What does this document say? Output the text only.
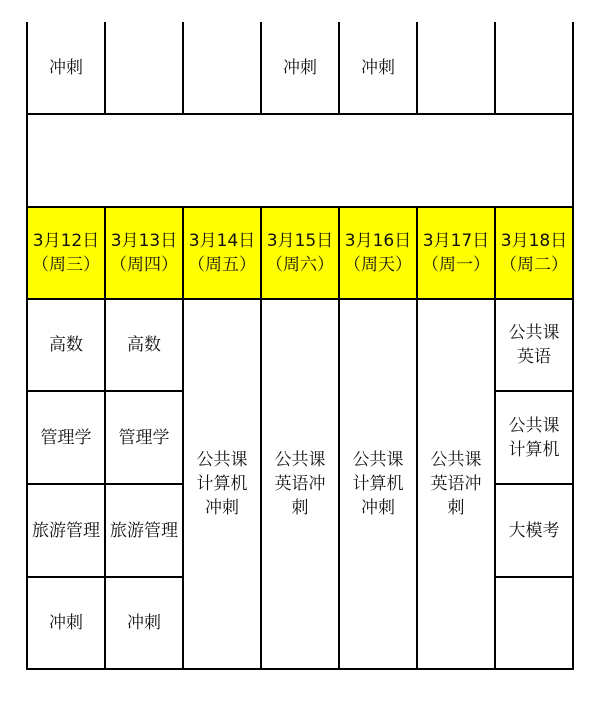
冲刺	冲刺	冲刺
3月12日（周三）
3月13日（周四）
3月14日（周五）
3月15日（周六）
3月16日（周天）
3月17日（周一）
3月18日（周二）
高数
管理学
旅游管理
冲刺
高数
管理学
旅游管理
冲刺
公共课计算机冲刺
公共课英语冲刺
公共课计算机冲刺
公共课英语冲刺
公共课英语
公共课计算机
大模考
